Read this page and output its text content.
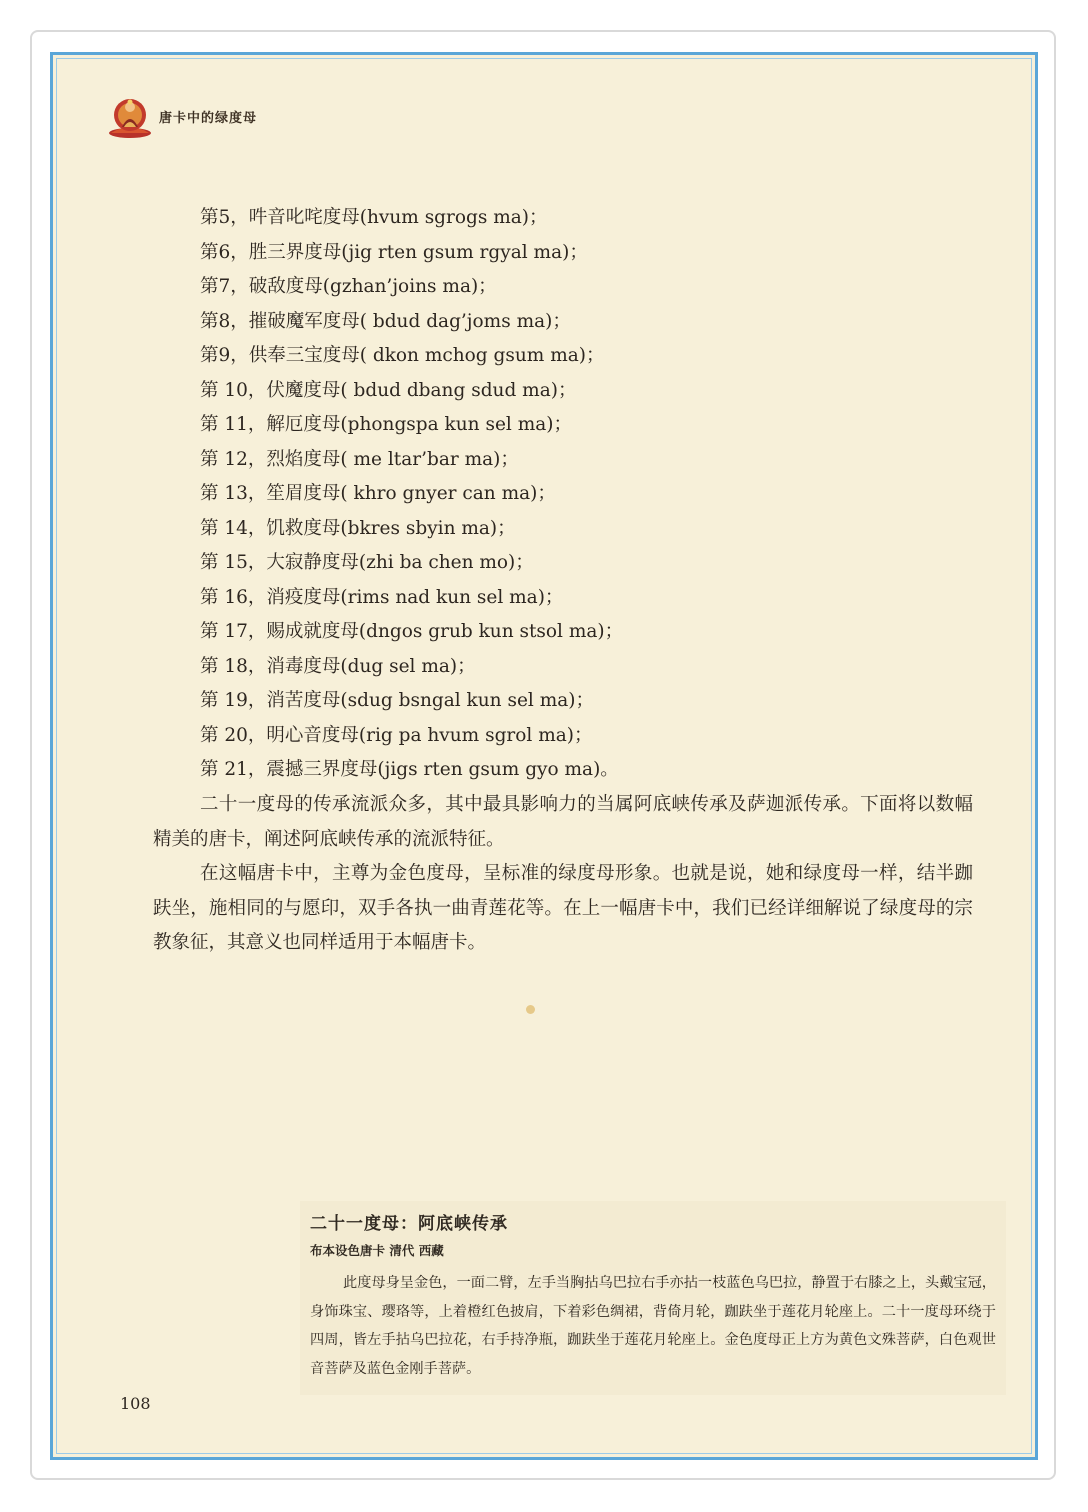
唐卡中的绿度母
第5，吽音叱咤度母(hvum sgrogs ma)；
第6，胜三界度母(jig rten gsum rgyal ma)；
第7，破敌度母(gzhan’joins ma)；
第8，摧破魔军度母( bdud dag’joms ma)；
第9，供奉三宝度母( dkon mchog gsum ma)；
第 10，伏魔度母( bdud dbang sdud ma)；
第 11，解厄度母(phongspa kun sel ma)；
第 12，烈焰度母( me ltar’bar ma)；
第 13，笙眉度母( khro gnyer can ma)；
第 14，饥救度母(bkres sbyin ma)；
第 15，大寂静度母(zhi ba chen mo)；
第 16，消疫度母(rims nad kun sel ma)；
第 17，赐成就度母(dngos grub kun stsol ma)；
第 18，消毒度母(dug sel ma)；
第 19，消苦度母(sdug bsngal kun sel ma)；
第 20，明心音度母(rig pa hvum sgrol ma)；
第 21，震撼三界度母(jigs rten gsum gyo ma)。

二十一度母的传承流派众多，其中最具影响力的当属阿底峡传承及萨迦派传承。下面将以数幅精美的唐卡，阐述阿底峡传承的流派特征。

在这幅唐卡中，主尊为金色度母，呈标准的绿度母形象。也就是说，她和绿度母一样，结半跏趺坐，施相同的与愿印，双手各执一曲青莲花等。在上一幅唐卡中，我们已经详细解说了绿度母的宗教象征，其意义也同样适用于本幅唐卡。

二十一度母：阿底峡传承
布本设色唐卡 清代 西藏

此度母身呈金色，一面二臂，左手当胸拈乌巴拉右手亦拈一枝蓝色乌巴拉，静置于右膝之上，头戴宝冠，身饰珠宝、璎珞等，上着橙红色披肩，下着彩色绸裙，背倚月轮，跏趺坐于莲花月轮座上。二十一度母环绕于四周，皆左手拈乌巴拉花，右手持净瓶，跏趺坐于莲花月轮座上。金色度母正上方为黄色文殊菩萨，白色观世音菩萨及蓝色金刚手菩萨。

108
